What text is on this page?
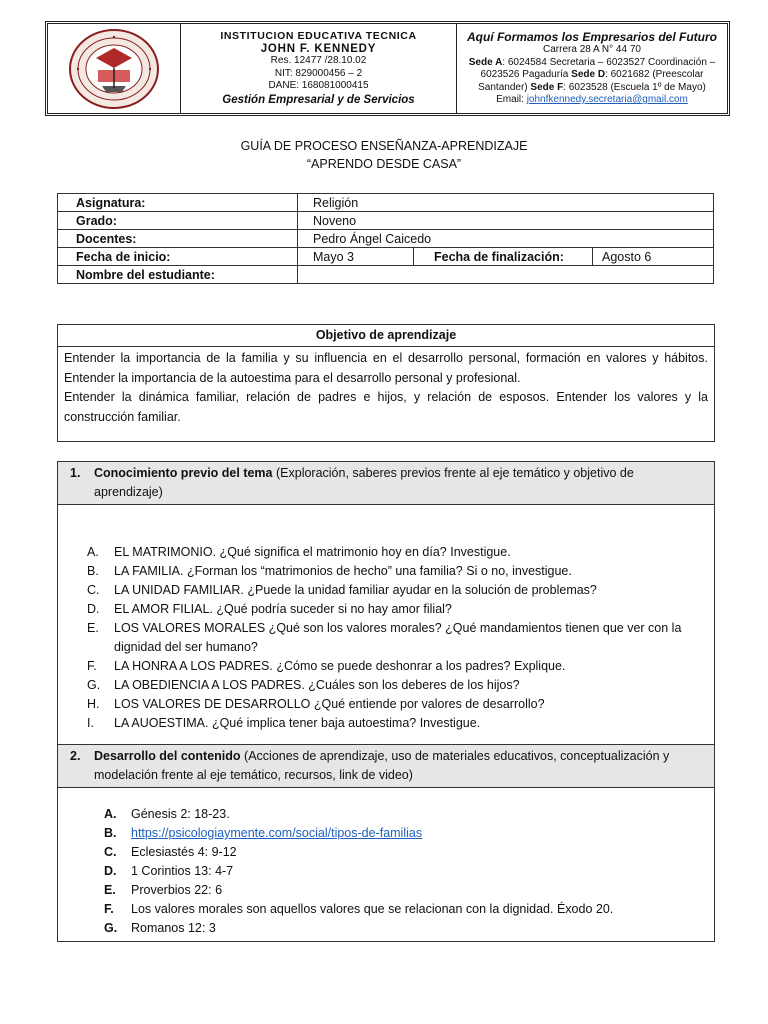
INSTITUCION EDUCATIVA TECNICA
JOHN F. KENNEDY
Res. 12477 /28.10.02
NIT: 829000456 – 2
DANE: 168081000415
Gestión Empresarial y de Servicios
Aquí Formamos los Empresarios del Futuro
Carrera 28 A N° 44 70
Sede A: 6024584 Secretaria – 6023527 Coordinación – 6023526 Pagaduría Sede D: 6021682 (Preescolar Santander) Sede F: 6023528 (Escuela 1º de Mayo)
Email: johnfkennedy.secretaria@gmail.com
GUÍA DE PROCESO ENSEÑANZA-APRENDIZAJE
“APRENDO DESDE CASA”
Asignatura:	Religión		
Grado:	Noveno		
Docentes:	Pedro Ángel Caicedo		
Fecha de inicio:	Mayo 3	Fecha de finalización:	Agosto 6
Nombre del estudiante:			
Objetivo de aprendizaje
Entender la importancia de la familia y su influencia en el desarrollo personal, formación en valores y hábitos. Entender la importancia de la autoestima para el desarrollo personal y profesional.
Entender la dinámica familiar, relación de padres e hijos, y relación de esposos. Entender los valores y la construcción familiar.
1. Conocimiento previo del tema (Exploración, saberes previos frente al eje temático y objetivo de aprendizaje)
A. EL MATRIMONIO. ¿Qué significa el matrimonio hoy en día? Investigue.
B. LA FAMILIA. ¿Forman los “matrimonios de hecho” una familia? Si o no, investigue.
C. LA UNIDAD FAMILIAR. ¿Puede la unidad familiar ayudar en la solución de problemas?
D. EL AMOR FILIAL. ¿Qué podría suceder si no hay amor filial?
E. LOS VALORES MORALES ¿Qué son los valores morales? ¿Qué mandamientos tienen que ver con la dignidad del ser humano?
F. LA HONRA A LOS PADRES. ¿Cómo se puede deshonrar a los padres? Explique.
G. LA OBEDIENCIA A LOS PADRES. ¿Cuáles son los deberes de los hijos?
H. LOS VALORES DE DESARROLLO ¿Qué entiende por valores de desarrollo?
I. LA AUOESTIMA. ¿Qué implica tener baja autoestima? Investigue.
2. Desarrollo del contenido (Acciones de aprendizaje, uso de materiales educativos, conceptualización y modelación frente al eje temático, recursos, link de video)
A. Génesis 2: 18-23.
B. https://psicologiaymente.com/social/tipos-de-familias
C. Eclesiastés 4: 9-12
D. 1 Corintios 13: 4-7
E. Proverbios 22: 6
F. Los valores morales son aquellos valores que se relacionan con la dignidad. Éxodo 20.
G. Romanos 12: 3
